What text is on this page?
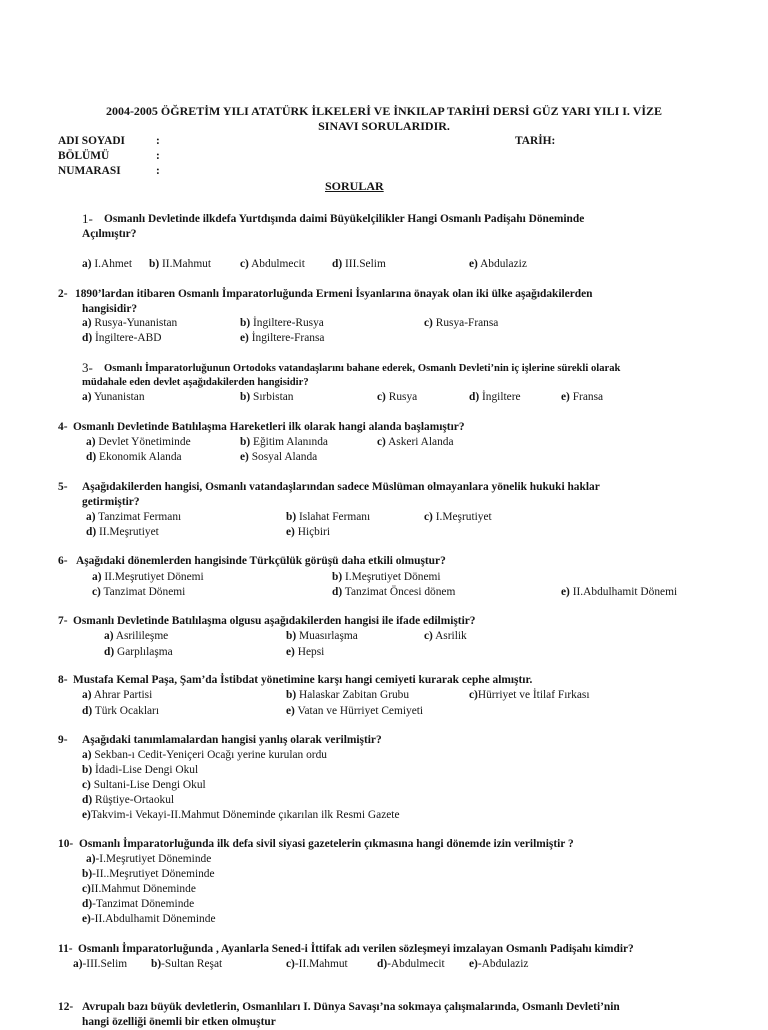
2004-2005 ÖĞRETİM YILI ATATÜRK İLKELERİ VE İNKILAP TARİHİ DERSİ GÜZ YARI YILI I. VİZE
SINAVI SORULARIDIR.
ADI SOYADI	:	TARİH:
BÖLÜMÜ	:
NUMARASI	:
SORULAR
1- Osmanlı Devletinde ilkdefa Yurtdışında daimi Büyükelçilikler Hangi Osmanlı Padişahı Döneminde
Açılmıştır?
a) I.Ahmet b) II.Mahmut	c) Abdulmecit d) III.Selim	e) Abdulaziz
2- 1890’lardan itibaren Osmanlı İmparatorluğunda Ermeni İsyanlarına önayak olan iki ülke aşağıdakilerden
hangisidir?
a) Rusya-Yunanistan	b) İngiltere-Rusya	c) Rusya-Fransa
d) İngiltere-ABD	e) İngiltere-Fransa
3- Osmanlı İmparatorluğunun Ortodoks vatandaşlarını bahane ederek, Osmanlı Devleti’nin iç işlerine sürekli olarak
müdahale eden devlet aşağıdakilerden hangisidir?
a) Yunanistan	b) Sırbistan	c) Rusya	d) İngiltere	e) Fransa
4- Osmanlı Devletinde Batılılaşma Hareketleri ilk olarak hangi alanda başlamıştır?
a) Devlet Yönetiminde	b) Eğitim Alanında	c) Askeri Alanda
d) Ekonomik Alanda	e) Sosyal Alanda
5- Aşağıdakilerden hangisi, Osmanlı vatandaşlarından sadece Müslüman olmayanlara yönelik hukuki haklar
getirmiştir?
a) Tanzimat Fermanı	b) Islahat Fermanı	c) I.Meşrutiyet
d) II.Meşrutiyet	e) Hiçbiri
6- Aşağıdaki dönemlerden hangisinde Türkçülük görüşü daha etkili olmuştur?
a) II.Meşrutiyet Dönemi	b) I.Meşrutiyet Dönemi
c) Tanzimat Dönemi	d) Tanzimat Öncesi dönem	e) II.Abdulhamit Dönemi
7- Osmanlı Devletinde Batılılaşma olgusu aşağıdakilerden hangisi ile ifade edilmiştir?
a) Asrilileşme	b) Muasırlaşma	c) Asrilik
d) Garplılaşma	e) Hepsi
8- Mustafa Kemal Paşa, Şam’da İstibdat yönetimine karşı hangi cemiyeti kurarak cephe almıştır.
a) Ahrar Partisi	b) Halaskar Zabitan Grubu	c)Hürriyet ve İtilaf Fırkası
d) Türk Ocakları	e) Vatan ve Hürriyet Cemiyeti
9- Aşağıdaki tanımlamalardan hangisi yanlış olarak verilmiştir?
a) Sekban-ı Cedit-Yeniçeri Ocağı yerine kurulan ordu
b) İdadi-Lise Dengi Okul
c) Sultani-Lise Dengi Okul
d) Rüştiye-Ortaokul
e)Takvim-i Vekayi-II.Mahmut Döneminde çıkarılan ilk Resmi Gazete
10- Osmanlı İmparatorluğunda ilk defa sivil siyasi gazetelerin çıkmasına hangi dönemde izin verilmiştir ?
a)-I.Meşrutiyet Döneminde
b)-II..Meşrutiyet Döneminde
c)II.Mahmut Döneminde
d)-Tanzimat Döneminde
e)-II.Abdulhamit Döneminde
11- Osmanlı İmparatorluğunda , Ayanlarla Sened-i İttifak adı verilen sözleşmeyi imzalayan Osmanlı Padişahı kimdir?
a)-III.Selim b)-Sultan Reşat	c)-II.Mahmut	d)-Abdulmecit e)-Abdulaziz
12- Avrupalı bazı büyük devletlerin, Osmanlıları I. Dünya Savaşı’na sokmaya çalışmalarında, Osmanlı Devleti’nin
hangi özelliği önemli bir etken olmuştur
